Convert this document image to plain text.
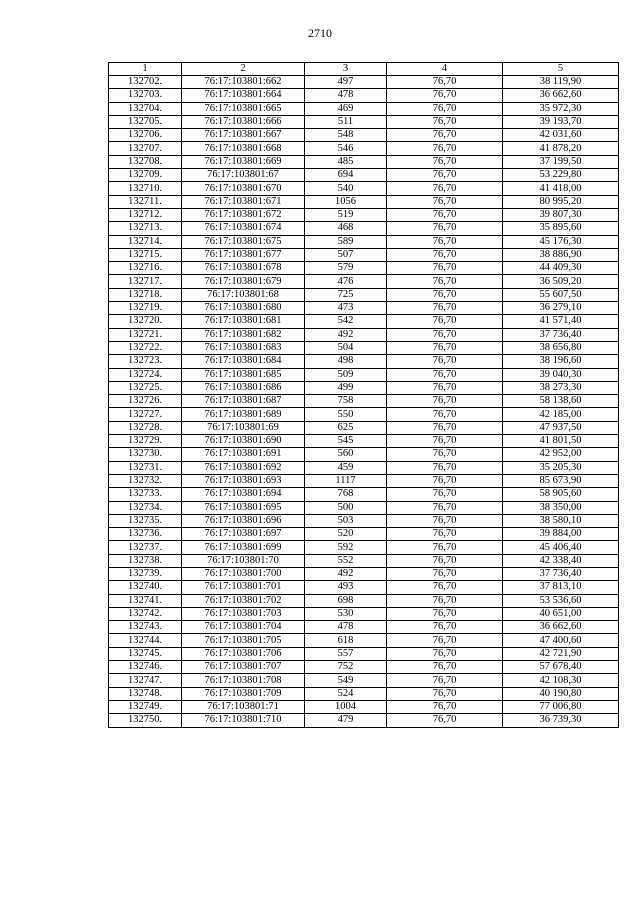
2710
1	2	3	4	5
132702.	76:17:103801:662	497	76,70	38 119,90
132703.	76:17:103801:664	478	76,70	36 662,60
132704.	76:17:103801:665	469	76,70	35 972,30
132705.	76:17:103801:666	511	76,70	39 193,70
132706.	76:17:103801:667	548	76,70	42 031,60
132707.	76:17:103801:668	546	76,70	41 878,20
132708.	76:17:103801:669	485	76,70	37 199,50
132709.	76:17:103801:67	694	76,70	53 229,80
132710.	76:17:103801:670	540	76,70	41 418,00
132711.	76:17:103801:671	1056	76,70	80 995,20
132712.	76:17:103801:672	519	76,70	39 807,30
132713.	76:17:103801:674	468	76,70	35 895,60
132714.	76:17:103801:675	589	76,70	45 176,30
132715.	76:17:103801:677	507	76,70	38 886,90
132716.	76:17:103801:678	579	76,70	44 409,30
132717.	76:17:103801:679	476	76,70	36 509,20
132718.	76:17:103801:68	725	76,70	55 607,50
132719.	76:17:103801:680	473	76,70	36 279,10
132720.	76:17:103801:681	542	76,70	41 571,40
132721.	76:17:103801:682	492	76,70	37 736,40
132722.	76:17:103801:683	504	76,70	38 656,80
132723.	76:17:103801:684	498	76,70	38 196,60
132724.	76:17:103801:685	509	76,70	39 040,30
132725.	76:17:103801:686	499	76,70	38 273,30
132726.	76:17:103801:687	758	76,70	58 138,60
132727.	76:17:103801:689	550	76,70	42 185,00
132728.	76:17:103801:69	625	76,70	47 937,50
132729.	76:17:103801:690	545	76,70	41 801,50
132730.	76:17:103801:691	560	76,70	42 952,00
132731.	76:17:103801:692	459	76,70	35 205,30
132732.	76:17:103801:693	1117	76,70	85 673,90
132733.	76:17:103801:694	768	76,70	58 905,60
132734.	76:17:103801:695	500	76,70	38 350,00
132735.	76:17:103801:696	503	76,70	38 580,10
132736.	76:17:103801:697	520	76,70	39 884,00
132737.	76:17:103801:699	592	76,70	45 406,40
132738.	76:17:103801:70	552	76,70	42 338,40
132739.	76:17:103801:700	492	76,70	37 736,40
132740.	76:17:103801:701	493	76,70	37 813,10
132741.	76:17:103801:702	698	76,70	53 536,60
132742.	76:17:103801:703	530	76,70	40 651,00
132743.	76:17:103801:704	478	76,70	36 662,60
132744.	76:17:103801:705	618	76,70	47 400,60
132745.	76:17:103801:706	557	76,70	42 721,90
132746.	76:17:103801:707	752	76,70	57 678,40
132747.	76:17:103801:708	549	76,70	42 108,30
132748.	76:17:103801:709	524	76,70	40 190,80
132749.	76:17:103801:71	1004	76,70	77 006,80
132750.	76:17:103801:710	479	76,70	36 739,30
